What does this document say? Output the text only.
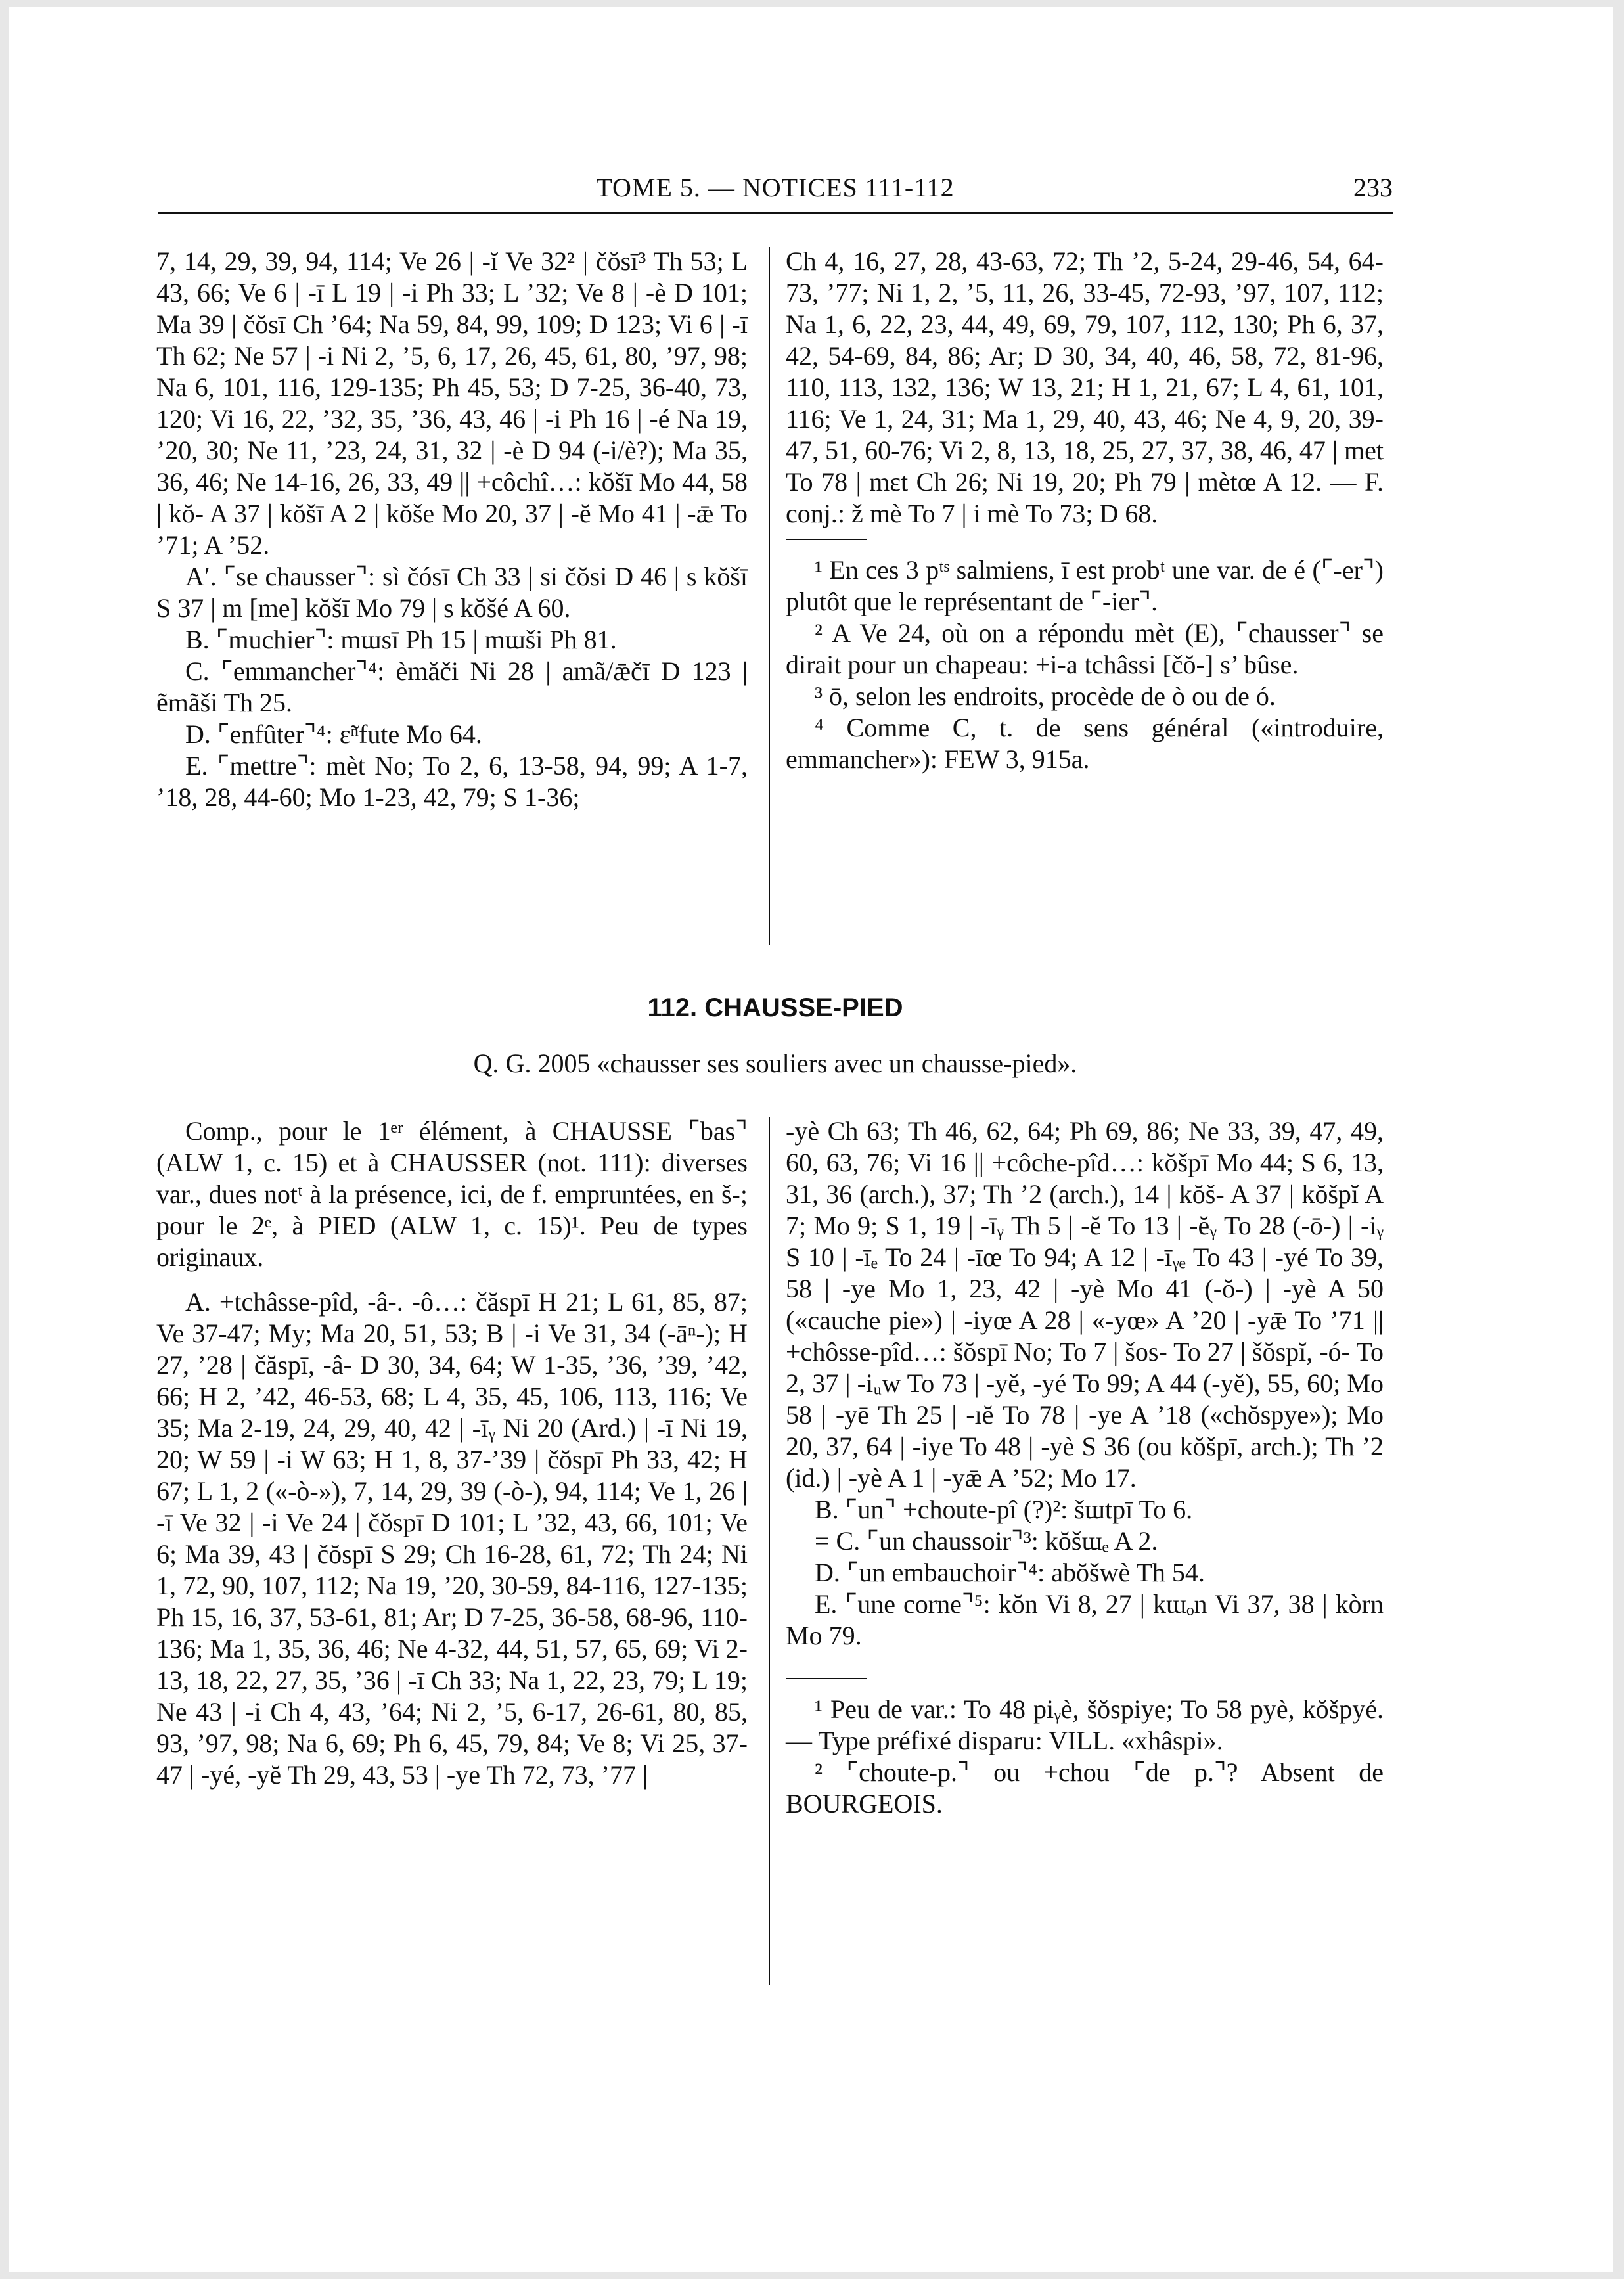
TOME 5. — NOTICES 111-112	233

7, 14, 29, 39, 94, 114; Ve 26 | -ĭ Ve 32² | čŏsī³ Th 53; L 43, 66; Ve 6 | -ī L 19 | -i Ph 33; L ’32; Ve 8 | -è D 101; Ma 39 | čŏsī Ch ’64; Na 59, 84, 99, 109; D 123; Vi 6 | -ī Th 62; Ne 57 | -i Ni 2, ’5, 6, 17, 26, 45, 61, 80, ’97, 98; Na 6, 101, 116, 129-135; Ph 45, 53; D 7-25, 36-40, 73, 120; Vi 16, 22, ’32, 35, ’36, 43, 46 | -i Ph 16 | -é Na 19, ’20, 30; Ne 11, ’23, 24, 31, 32 | -è D 94 (-i/è?); Ma 35, 36, 46; Ne 14-16, 26, 33, 49 || +côchî…: kŏšī Mo 44, 58 | kŏ- A 37 | kŏšī A 2 | kŏše Mo 20, 37 | -ĕ Mo 41 | -ǣ To ’71; A ’52.

A′. ⌜se chausser⌝: sì čósī Ch 33 | si čŏsi D 46 | s kŏšī S 37 | m [me] kŏšī Mo 79 | s kŏšé A 60.

B. ⌜muchier⌝: mɯsī Ph 15 | mɯši Ph 81.

C. ⌜emmancher⌝⁴: èmăči Ni 28 | amã/ǣčī D 123 | ẽmãši Th 25.

D. ⌜enfûter⌝⁴: ɛ̃ⁿfute Mo 64.

E. ⌜mettre⌝: mèt No; To 2, 6, 13-58, 94, 99; A 1-7, ’18, 28, 44-60; Mo 1-23, 42, 79; S 1-36;

Ch 4, 16, 27, 28, 43-63, 72; Th ’2, 5-24, 29-46, 54, 64-73, ’77; Ni 1, 2, ’5, 11, 26, 33-45, 72-93, ’97, 107, 112; Na 1, 6, 22, 23, 44, 49, 69, 79, 107, 112, 130; Ph 6, 37, 42, 54-69, 84, 86; Ar; D 30, 34, 40, 46, 58, 72, 81-96, 110, 113, 132, 136; W 13, 21; H 1, 21, 67; L 4, 61, 101, 116; Ve 1, 24, 31; Ma 1, 29, 40, 43, 46; Ne 4, 9, 20, 39-47, 51, 60-76; Vi 2, 8, 13, 18, 25, 27, 37, 38, 46, 47 | met To 78 | mɛt Ch 26; Ni 19, 20; Ph 79 | mètœ A 12. — F. conj.: ž mè To 7 | i mè To 73; D 68.

¹ En ces 3 pᵗˢ salmiens, ī est probᵗ une var. de é (⌜-er⌝) plutôt que le représentant de ⌜-ier⌝.

² A Ve 24, où on a répondu mèt (E), ⌜chausser⌝ se dirait pour un chapeau: +i-a tchâssi [čŏ-] s’ bûse.

³ ō, selon les endroits, procède de ò ou de ó.

⁴ Comme C, t. de sens général («introduire, emmancher»): FEW 3, 915a.

112. CHAUSSE-PIED
Q. G. 2005 «chausser ses souliers avec un chausse-pied».

Comp., pour le 1ᵉʳ élément, à CHAUSSE ⌜bas⌝ (ALW 1, c. 15) et à CHAUSSER (not. 111): diverses var., dues notᵗ à la présence, ici, de f. empruntées, en š-; pour le 2ᵉ, à PIED (ALW 1, c. 15)¹. Peu de types originaux.

A. +tchâsse-pîd, -â-. -ô…: čăspī H 21; L 61, 85, 87; Ve 37-47; My; Ma 20, 51, 53; B | -i Ve 31, 34 (-āⁿ-); H 27, ’28 | čăspī, -â- D 30, 34, 64; W 1-35, ’36, ’39, ’42, 66; H 2, ’42, 46-53, 68; L 4, 35, 45, 106, 113, 116; Ve 35; Ma 2-19, 24, 29, 40, 42 | -īᵧ Ni 20 (Ard.) | -ī Ni 19, 20; W 59 | -i W 63; H 1, 8, 37-’39 | čŏspī Ph 33, 42; H 67; L 1, 2 («-ò-»), 7, 14, 29, 39 (-ò-), 94, 114; Ve 1, 26 | -ī Ve 32 | -i Ve 24 | čŏspī D 101; L ’32, 43, 66, 101; Ve 6; Ma 39, 43 | čŏspī S 29; Ch 16-28, 61, 72; Th 24; Ni 1, 72, 90, 107, 112; Na 19, ’20, 30-59, 84-116, 127-135; Ph 15, 16, 37, 53-61, 81; Ar; D 7-25, 36-58, 68-96, 110-136; Ma 1, 35, 36, 46; Ne 4-32, 44, 51, 57, 65, 69; Vi 2-13, 18, 22, 27, 35, ’36 | -ī Ch 33; Na 1, 22, 23, 79; L 19; Ne 43 | -i Ch 4, 43, ’64; Ni 2, ’5, 6-17, 26-61, 80, 85, 93, ’97, 98; Na 6, 69; Ph 6, 45, 79, 84; Ve 8; Vi 25, 37-47 | -yé, -yĕ Th 29, 43, 53 | -ye Th 72, 73, ’77 |

-yè Ch 63; Th 46, 62, 64; Ph 69, 86; Ne 33, 39, 47, 49, 60, 63, 76; Vi 16 || +côche-pîd…: kŏšpī Mo 44; S 6, 13, 31, 36 (arch.), 37; Th ’2 (arch.), 14 | kŏš- A 37 | kŏšpĭ A 7; Mo 9; S 1, 19 | -īᵧ Th 5 | -ĕ To 13 | -ĕᵧ To 28 (-ō-) | -iᵧ S 10 | -īₑ To 24 | -īœ To 94; A 12 | -īᵧₑ To 43 | -yé To 39, 58 | -ye Mo 1, 23, 42 | -yè Mo 41 (-ŏ-) | -yè A 50 («cauche pie») | -iyœ A 28 | «-yœ» A ’20 | -yǣ To ’71 || +chôsse-pîd…: šŏspī No; To 7 | šos- To 27 | šŏspĭ, -ó- To 2, 37 | -iᵤw To 73 | -yĕ, -yé To 99; A 44 (-yĕ), 55, 60; Mo 58 | -yē Th 25 | -ıĕ To 78 | -ye A ’18 («chŏspye»); Mo 20, 37, 64 | -iye To 48 | -yè S 36 (ou kŏšpī, arch.); Th ’2 (id.) | -yè A 1 | -yǣ A ’52; Mo 17.

B. ⌜un⌝ +choute-pî (?)²: šɯtpī To 6.

= C. ⌜un chaussoir⌝³: kŏšɯₑ A 2.

D. ⌜un embauchoir⌝⁴: abŏšwè Th 54.

E. ⌜une corne⌝⁵: kŏn Vi 8, 27 | kɯₒn Vi 37, 38 | kòrn Mo 79.

¹ Peu de var.: To 48 piᵧè, šŏspiye; To 58 pyè, kŏšpyé. — Type préfixé disparu: VILL. «xhâspi».

² ⌜choute-p.⌝ ou +chou ⌜de p.⌝? Absent de BOURGEOIS.
